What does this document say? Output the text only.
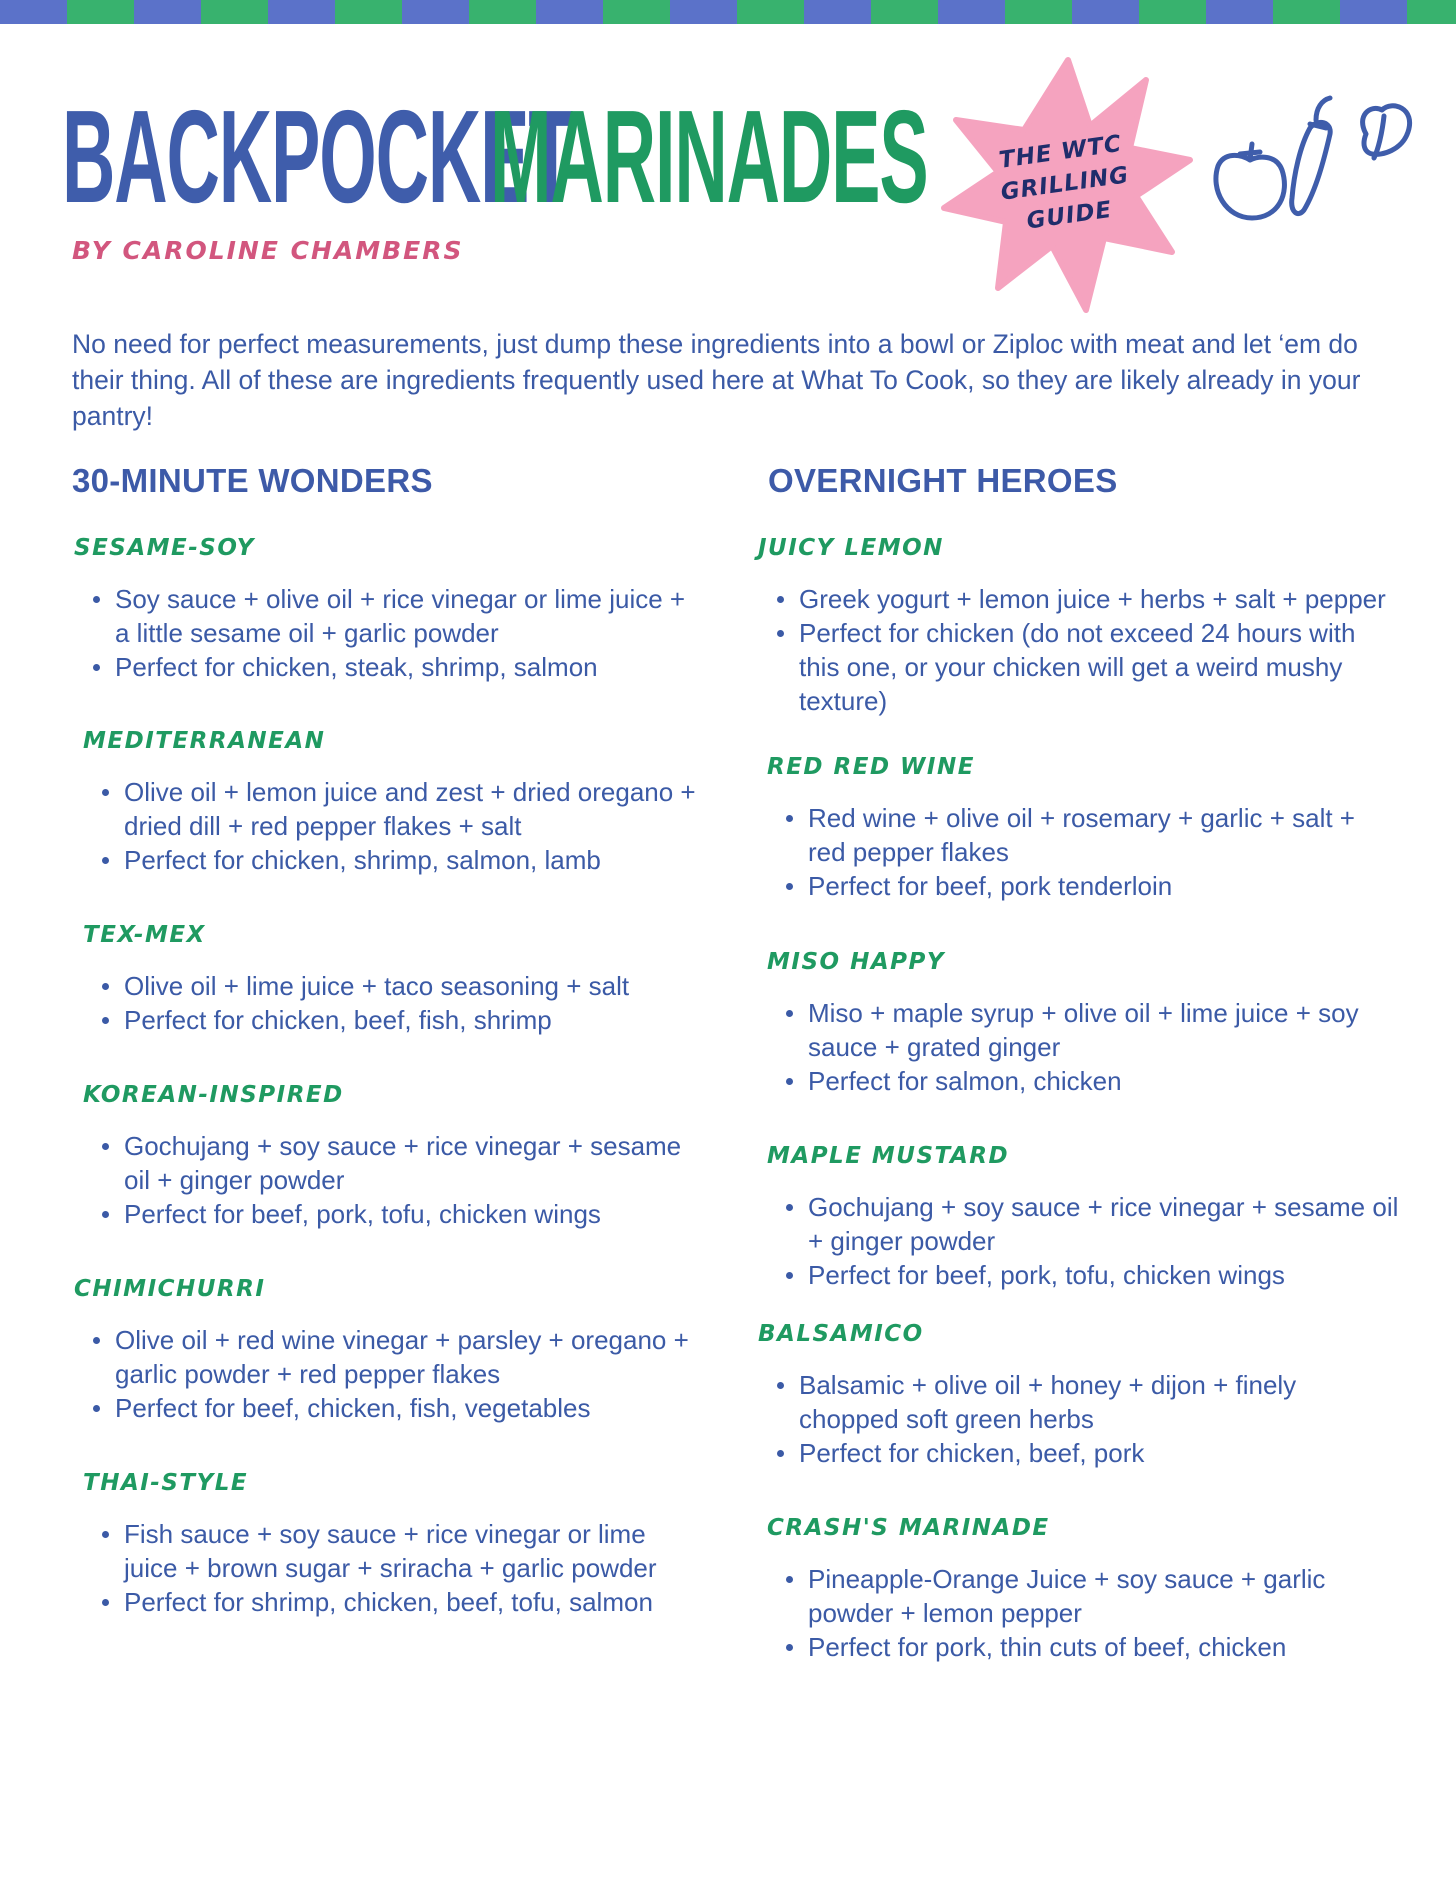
BACKPOCKET
MARINADES
BY CAROLINE CHAMBERS
THE WTC
GRILLING
GUIDE

No need for perfect measurements, just dump these ingredients into a bowl or Ziploc with meat and let ‘em do their thing. All of these are ingredients frequently used here at What To Cook, so they are likely already in your pantry!

30-MINUTE WONDERS	OVERNIGHT HEROES
SESAME-SOY
Soy sauce + olive oil + rice vinegar or lime juice + a little sesame oil + garlic powder
Perfect for chicken, steak, shrimp, salmon
MEDITERRANEAN
Olive oil + lemon juice and zest + dried oregano + dried dill + red pepper flakes + salt
Perfect for chicken, shrimp, salmon, lamb
TEX-MEX
Olive oil + lime juice + taco seasoning + salt
Perfect for chicken, beef, fish, shrimp
KOREAN-INSPIRED
Gochujang + soy sauce + rice vinegar + sesame oil + ginger powder
Perfect for beef, pork, tofu, chicken wings
CHIMICHURRI
Olive oil + red wine vinegar + parsley + oregano + garlic powder + red pepper flakes
Perfect for beef, chicken, fish, vegetables
THAI-STYLE
Fish sauce + soy sauce + rice vinegar or lime juice + brown sugar + sriracha + garlic powder
Perfect for shrimp, chicken, beef, tofu, salmon
JUICY LEMON
Greek yogurt + lemon juice + herbs + salt + pepper
Perfect for chicken (do not exceed 24 hours with this one, or your chicken will get a weird mushy texture)
RED RED WINE
Red wine + olive oil + rosemary + garlic + salt + red pepper flakes
Perfect for beef, pork tenderloin
MISO HAPPY
Miso + maple syrup + olive oil + lime juice + soy sauce + grated ginger
Perfect for salmon, chicken
MAPLE MUSTARD
Gochujang + soy sauce + rice vinegar + sesame oil + ginger powder
Perfect for beef, pork, tofu, chicken wings
BALSAMICO
Balsamic + olive oil + honey + dijon + finely chopped soft green herbs
Perfect for chicken, beef, pork
CRASH'S MARINADE
Pineapple-Orange Juice + soy sauce + garlic powder + lemon pepper
Perfect for pork, thin cuts of beef, chicken
